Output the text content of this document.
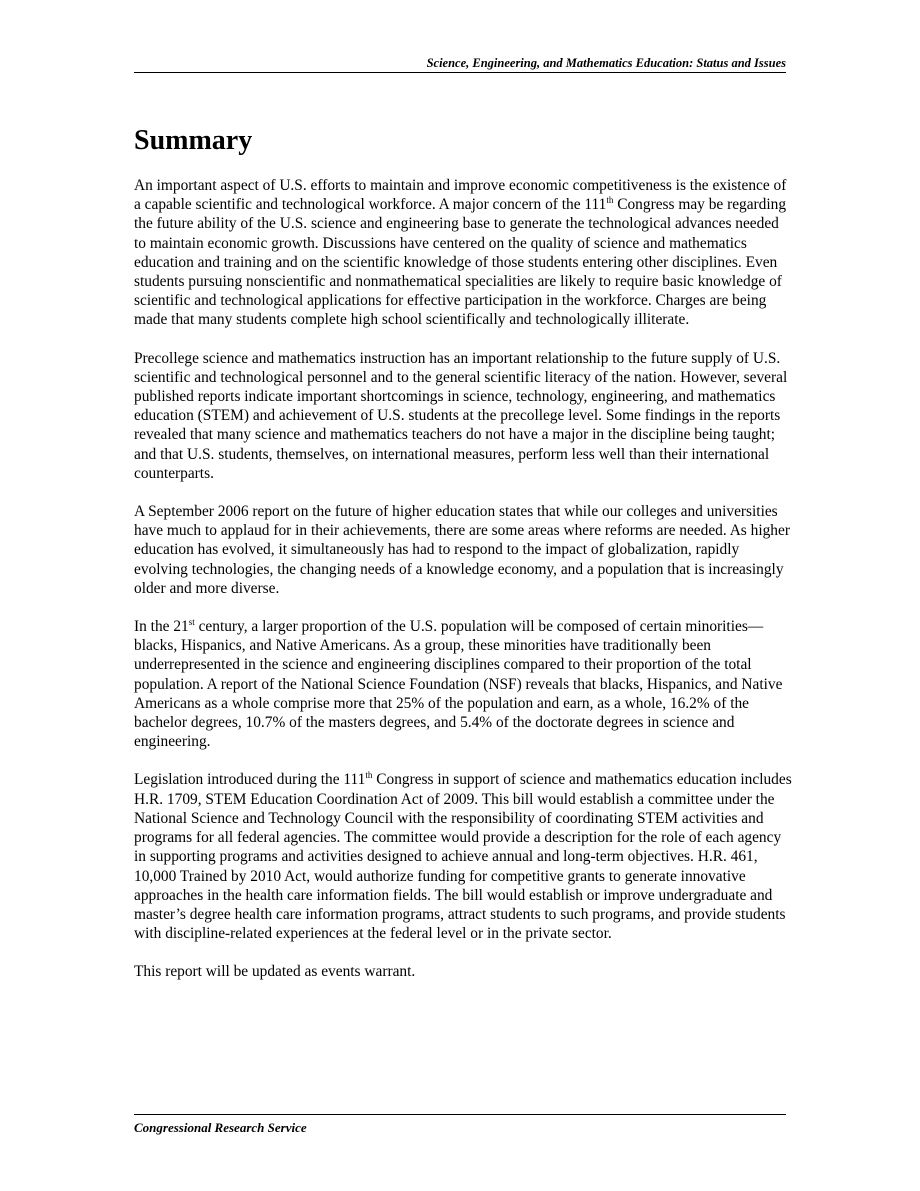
Science, Engineering, and Mathematics Education: Status and Issues
Summary

An important aspect of U.S. efforts to maintain and improve economic competitiveness is the existence of a capable scientific and technological workforce. A major concern of the 111th Congress may be regarding the future ability of the U.S. science and engineering base to generate the technological advances needed to maintain economic growth. Discussions have centered on the quality of science and mathematics education and training and on the scientific knowledge of those students entering other disciplines. Even students pursuing nonscientific and nonmathematical specialities are likely to require basic knowledge of scientific and technological applications for effective participation in the workforce. Charges are being made that many students complete high school scientifically and technologically illiterate.

Precollege science and mathematics instruction has an important relationship to the future supply of U.S. scientific and technological personnel and to the general scientific literacy of the nation. However, several published reports indicate important shortcomings in science, technology, engineering, and mathematics education (STEM) and achievement of U.S. students at the precollege level. Some findings in the reports revealed that many science and mathematics teachers do not have a major in the discipline being taught; and that U.S. students, themselves, on international measures, perform less well than their international counterparts.

A September 2006 report on the future of higher education states that while our colleges and universities have much to applaud for in their achievements, there are some areas where reforms are needed. As higher education has evolved, it simultaneously has had to respond to the impact of globalization, rapidly evolving technologies, the changing needs of a knowledge economy, and a population that is increasingly older and more diverse.

In the 21st century, a larger proportion of the U.S. population will be composed of certain minorities—blacks, Hispanics, and Native Americans. As a group, these minorities have traditionally been underrepresented in the science and engineering disciplines compared to their proportion of the total population. A report of the National Science Foundation (NSF) reveals that blacks, Hispanics, and Native Americans as a whole comprise more that 25% of the population and earn, as a whole, 16.2% of the bachelor degrees, 10.7% of the masters degrees, and 5.4% of the doctorate degrees in science and engineering.

Legislation introduced during the 111th Congress in support of science and mathematics education includes H.R. 1709, STEM Education Coordination Act of 2009. This bill would establish a committee under the National Science and Technology Council with the responsibility of coordinating STEM activities and programs for all federal agencies. The committee would provide a description for the role of each agency in supporting programs and activities designed to achieve annual and long-term objectives. H.R. 461, 10,000 Trained by 2010 Act, would authorize funding for competitive grants to generate innovative approaches in the health care information fields. The bill would establish or improve undergraduate and master’s degree health care information programs, attract students to such programs, and provide students with discipline-related experiences at the federal level or in the private sector.

This report will be updated as events warrant.

Congressional Research Service
